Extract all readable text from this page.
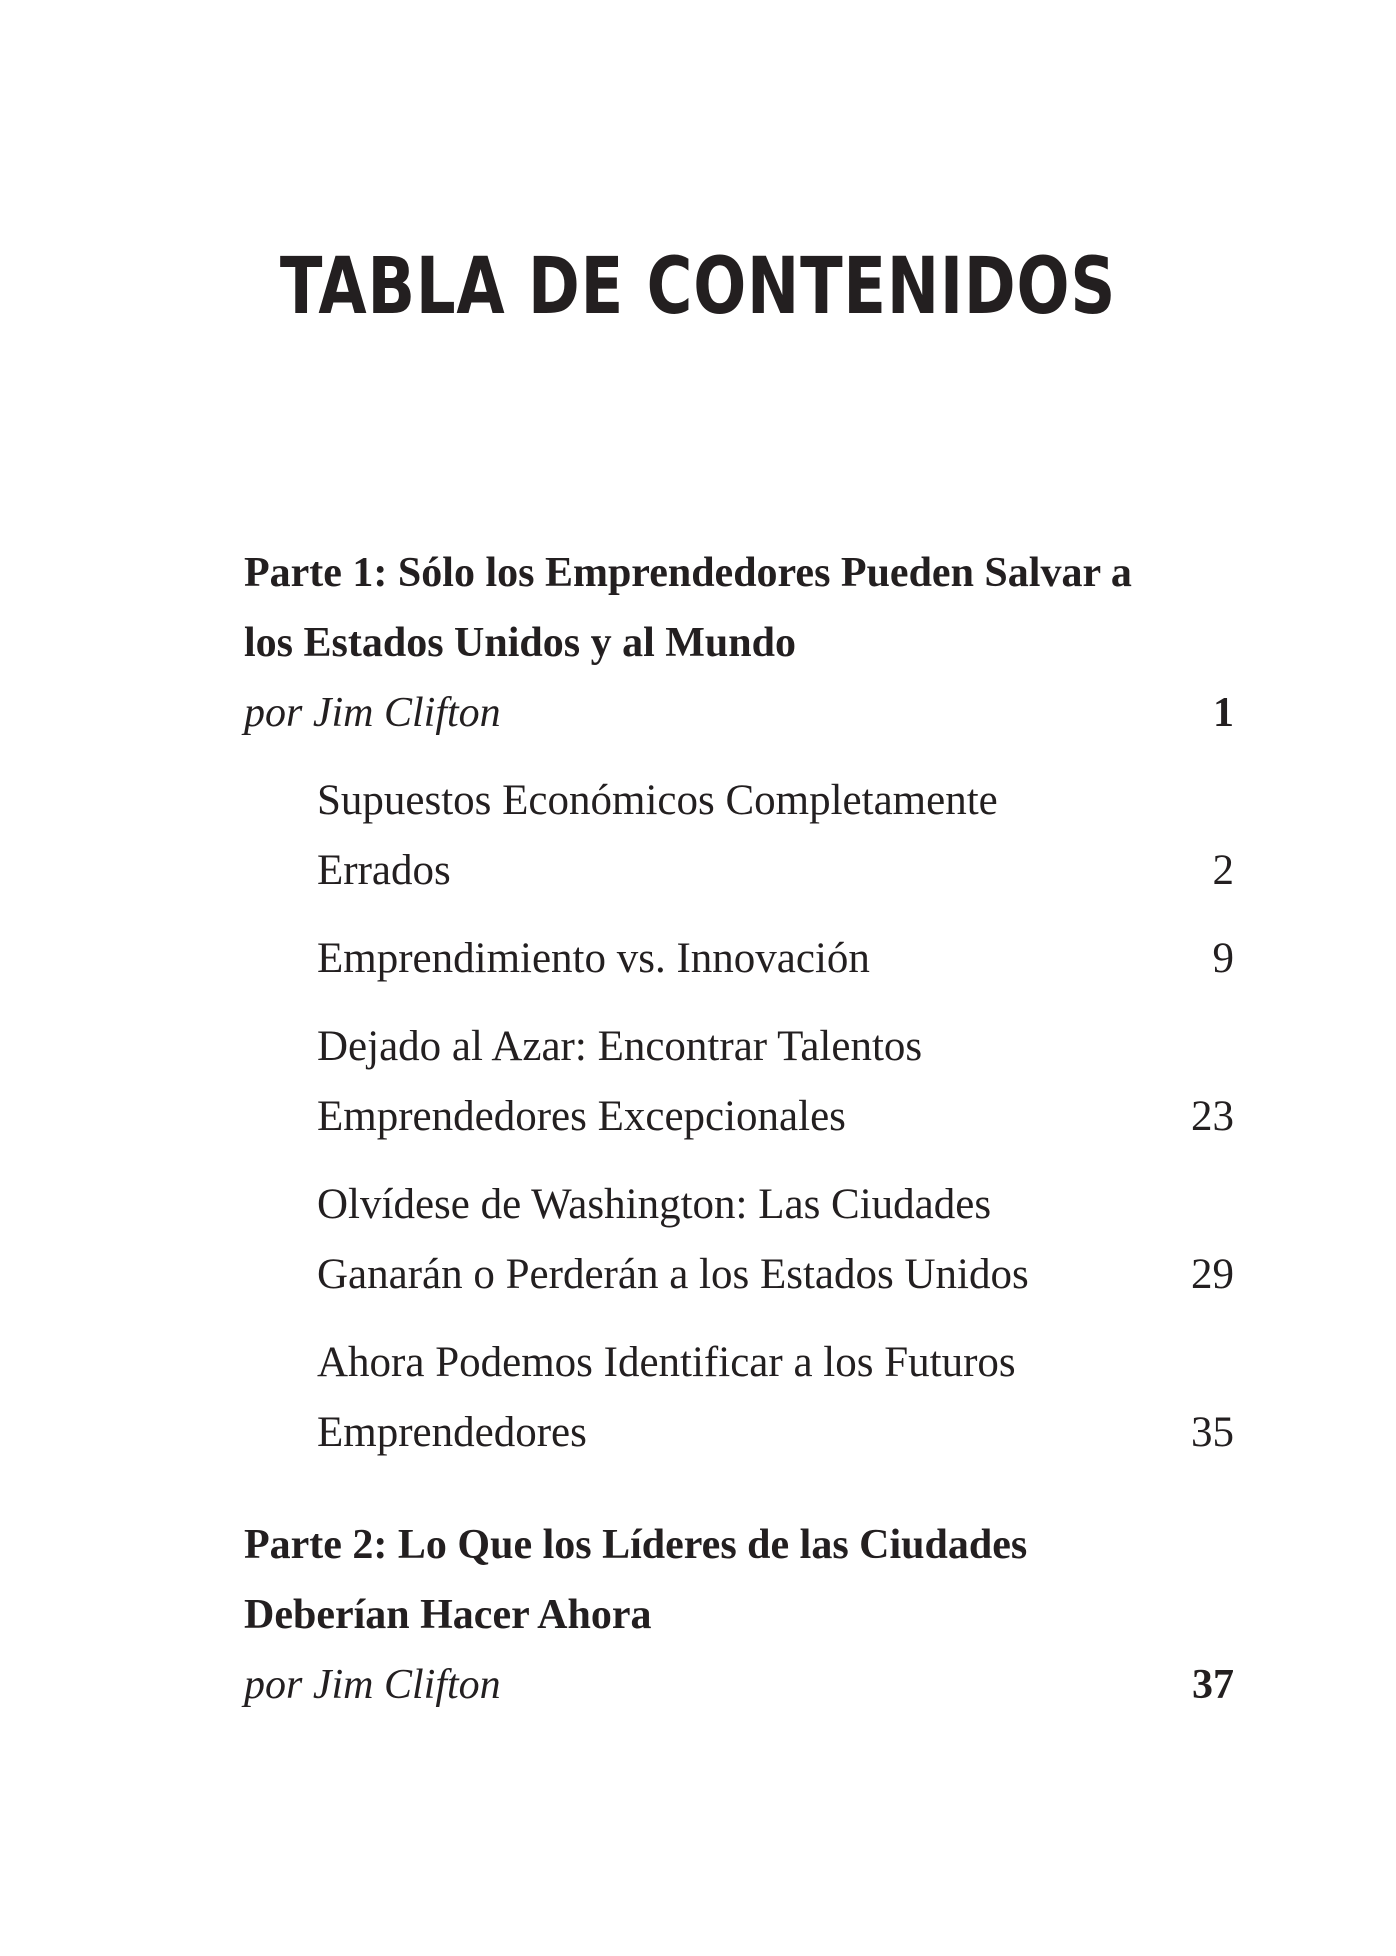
TABLA DE CONTENIDOS
Parte 1: Sólo los Emprendedores Pueden Salvar a
los Estados Unidos y al Mundo
por Jim Clifton . . .	1
Supuestos Económicos Completamente
Errados . . .	2
Emprendimiento vs. Innovación . . .	9
Dejado al Azar: Encontrar Talentos
Emprendedores Excepcionales . . .	23
Olvídese de Washington: Las Ciudades
Ganarán o Perderán a los Estados Unidos . . .	29
Ahora Podemos Identificar a los Futuros
Emprendedores . . .	35
Parte 2: Lo Que los Líderes de las Ciudades
Deberían Hacer Ahora
por Jim Clifton . . .	37
